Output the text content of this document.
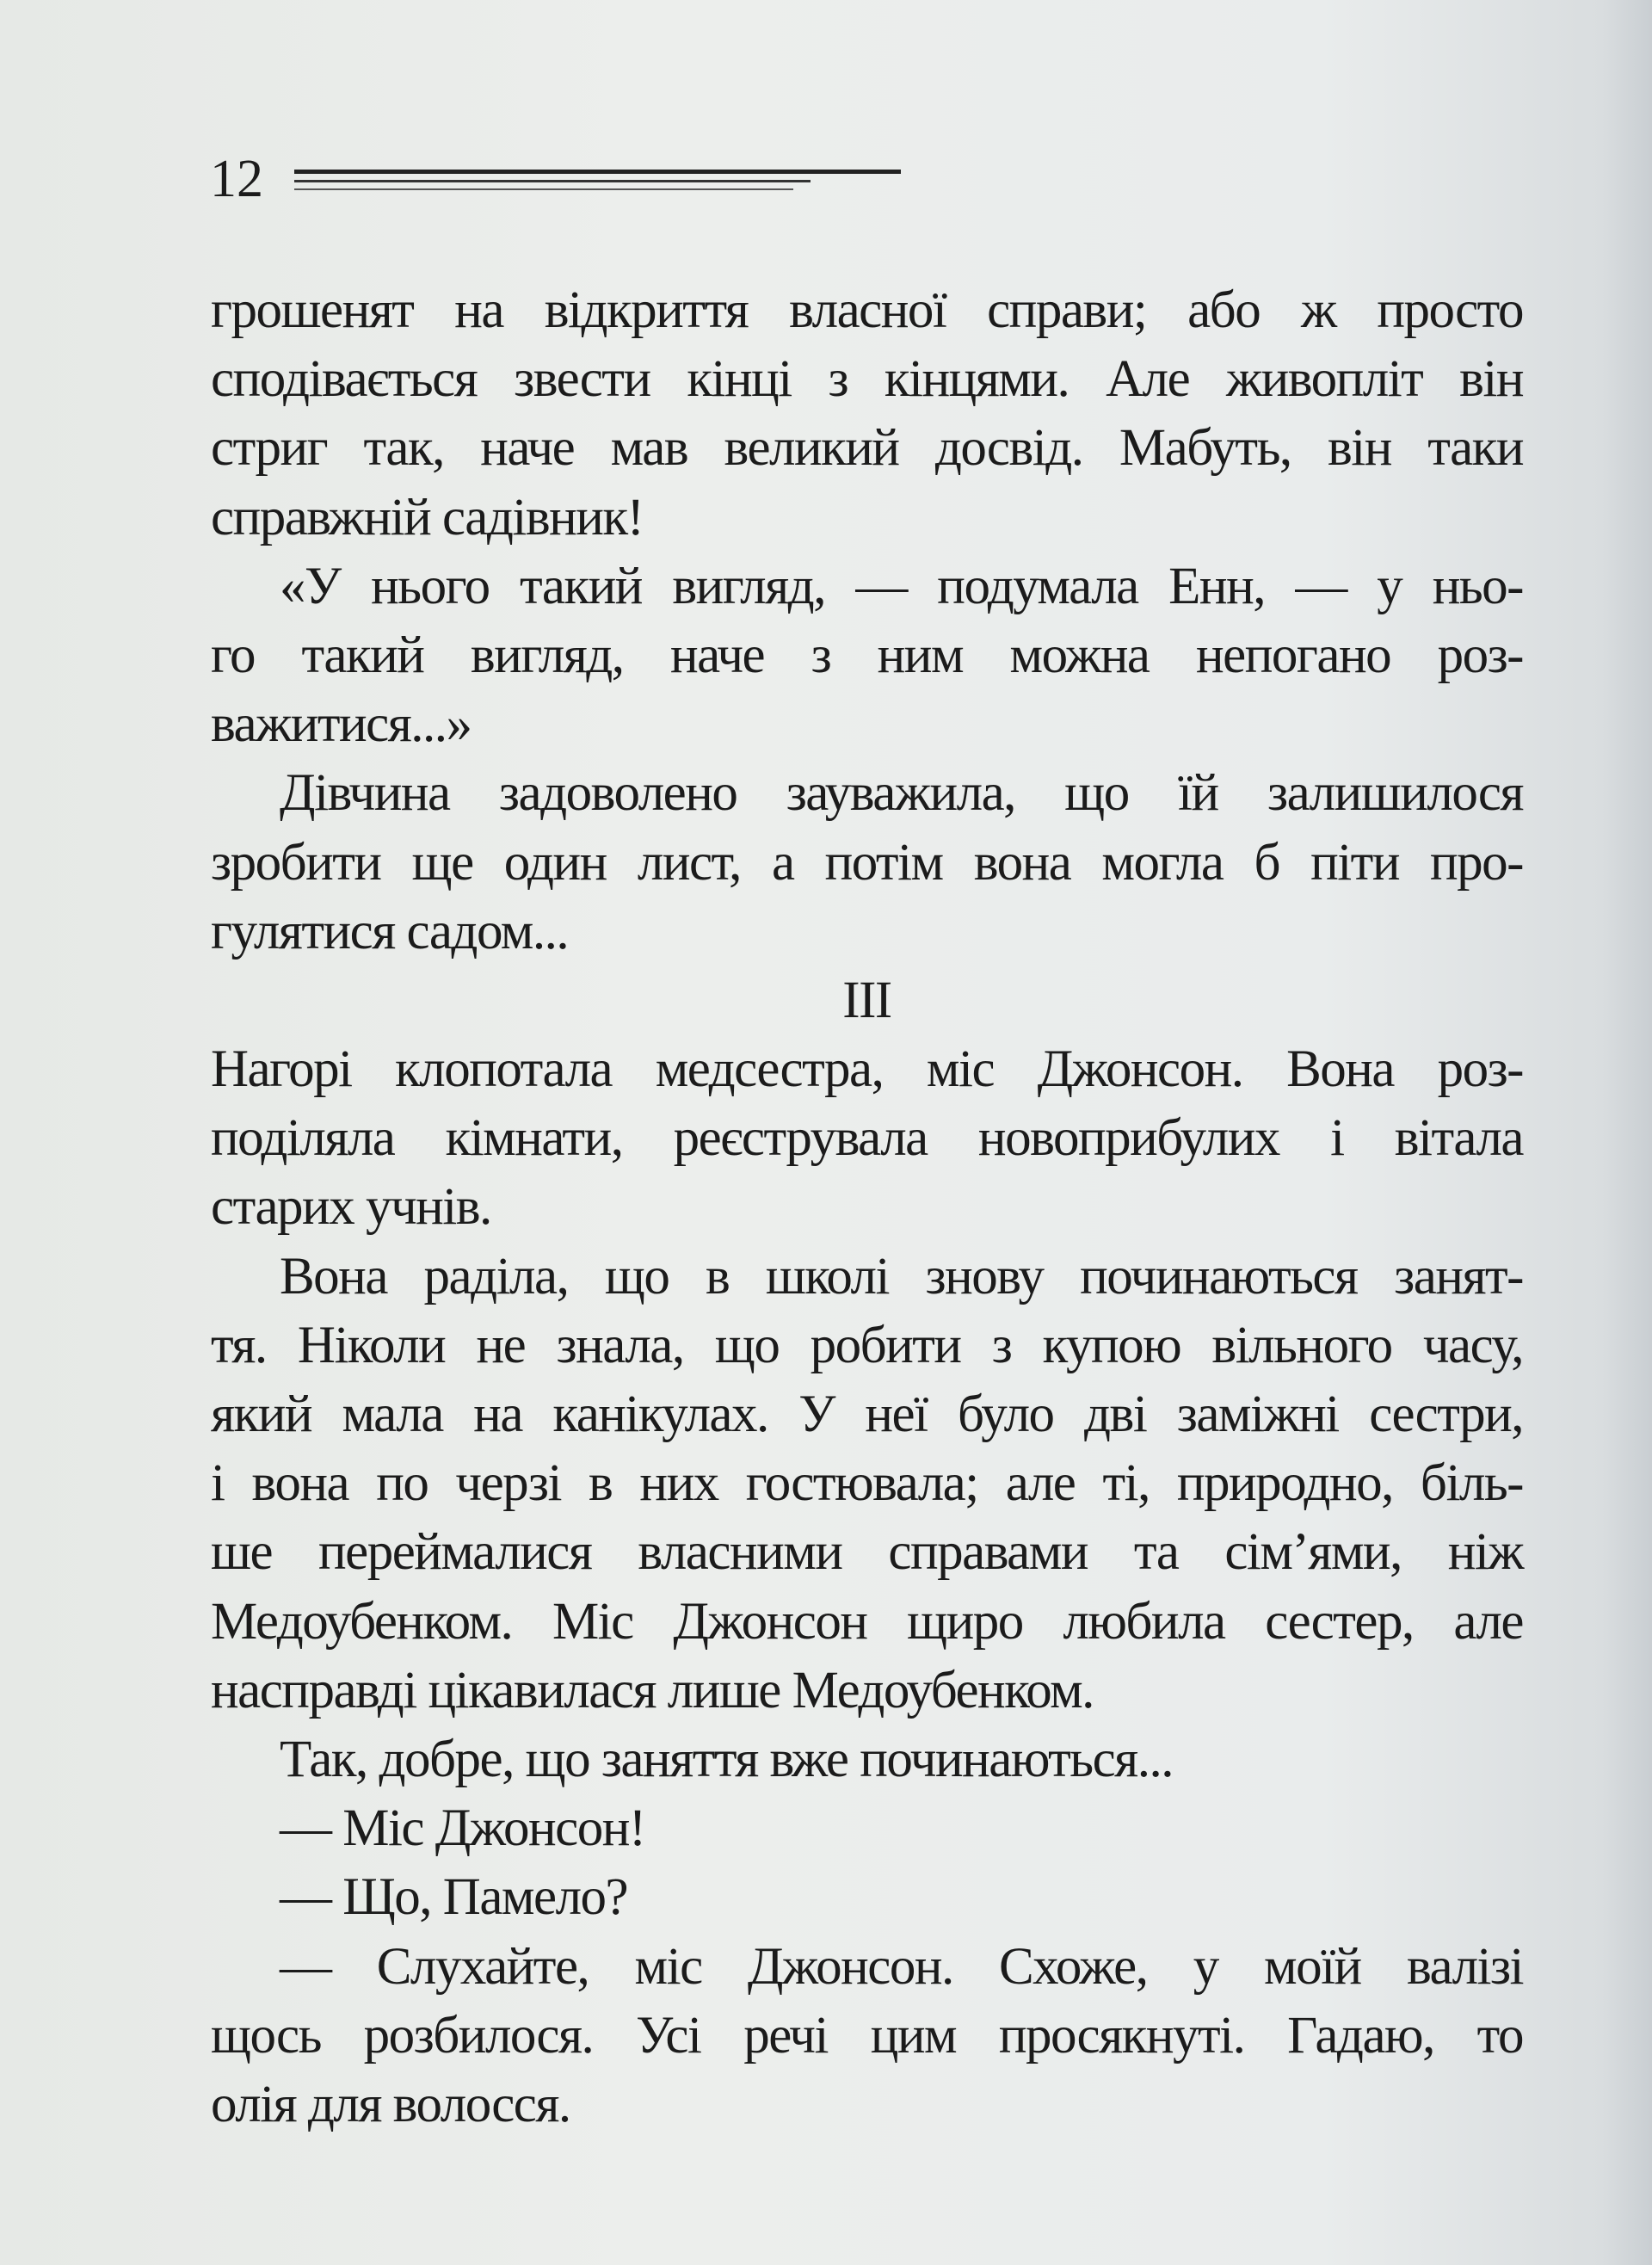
12
грошенят на відкриття власної справи; або ж просто
сподівається звести кінці з кінцями. Але живопліт він
стриг так, наче мав великий досвід. Мабуть, він таки
справжній садівник!
«У нього такий вигляд, — подумала Енн, — у ньо-
го такий вигляд, наче з ним можна непогано роз-
важитися...»
Дівчина задоволено зауважила, що їй залишилося
зробити ще один лист, а потім вона могла б піти про-
гулятися садом...
III
Нагорі клопотала медсестра, міс Джонсон. Вона роз-
поділяла кімнати, реєструвала новоприбулих і вітала
старих учнів.
Вона раділа, що в школі знову починаються занят-
тя. Ніколи не знала, що робити з купою вільного часу,
який мала на канікулах. У неї було дві заміжні сестри,
і вона по черзі в них гостювала; але ті, природно, біль-
ше переймалися власними справами та сім’ями, ніж
Медоубенком. Міс Джонсон щиро любила сестер, але
насправді цікавилася лише Медоубенком.
Так, добре, що заняття вже починаються...
— Міс Джонсон!
— Що, Памело?
— Слухайте, міс Джонсон. Схоже, у моїй валізі
щось розбилося. Усі речі цим просякнуті. Гадаю, то
олія для волосся.
